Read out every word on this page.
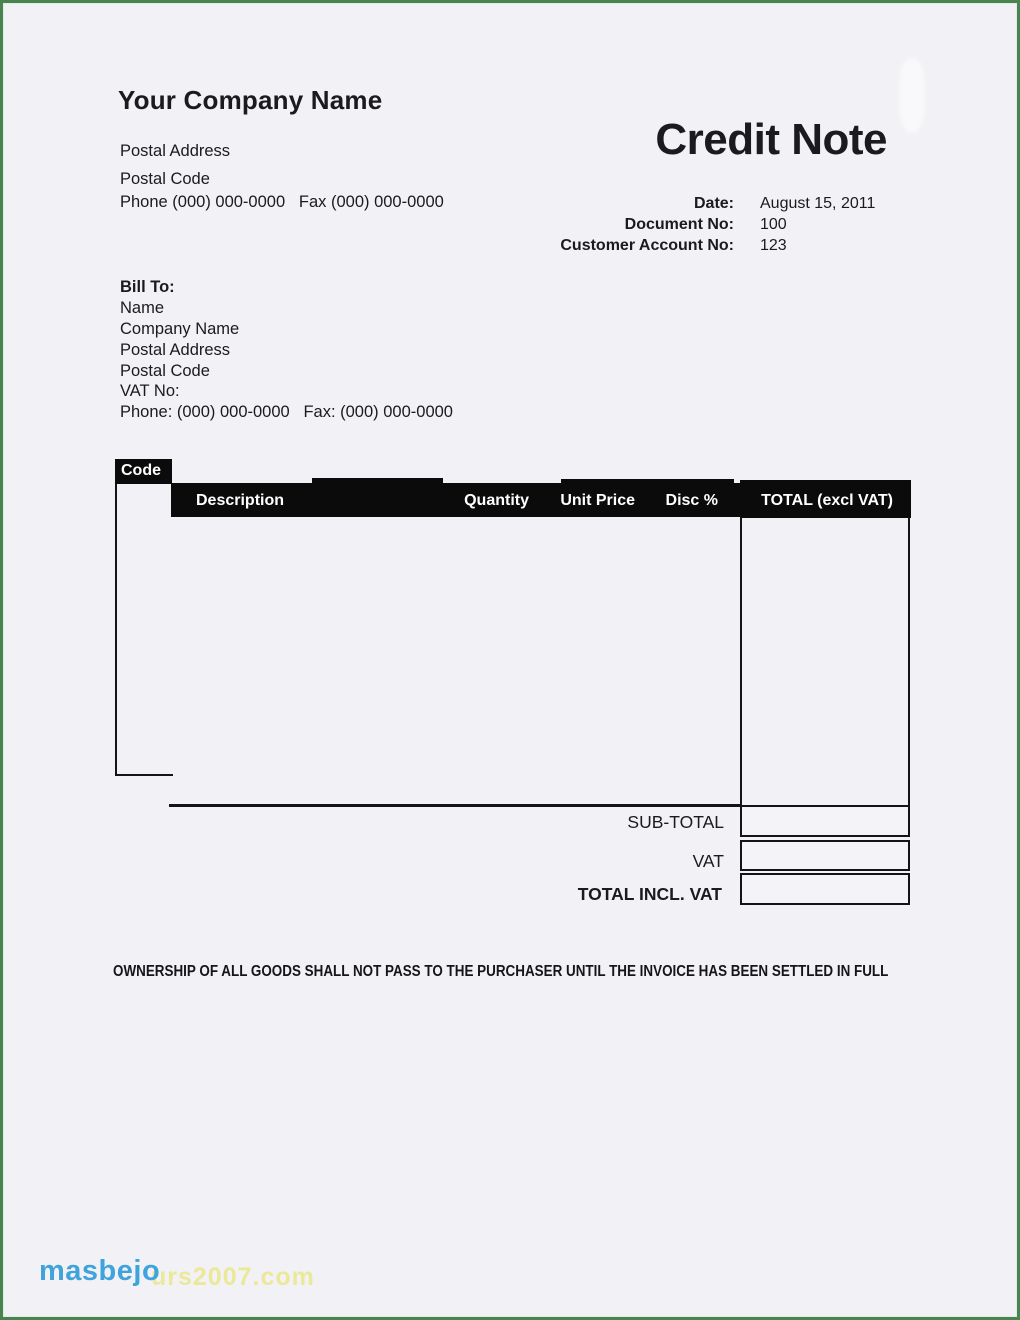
Your Company Name
Postal Address
Postal Code
Phone (000) 000-0000   Fax (000) 000-0000
Credit Note
Date: August 15, 2011
Document No: 100
Customer Account No: 123
Bill To:
Name
Company Name
Postal Address
Postal Code
VAT No:
Phone: (000) 000-0000   Fax: (000) 000-0000
Code
Description	Quantity Unit Price Disc %	TOTAL (excl VAT)
SUB-TOTAL
VAT
TOTAL INCL. VAT
OWNERSHIP OF ALL GOODS SHALL NOT PASS TO THE PURCHASER UNTIL THE INVOICE HAS BEEN SETTLED IN FULL
urs2007.com
masbejo
